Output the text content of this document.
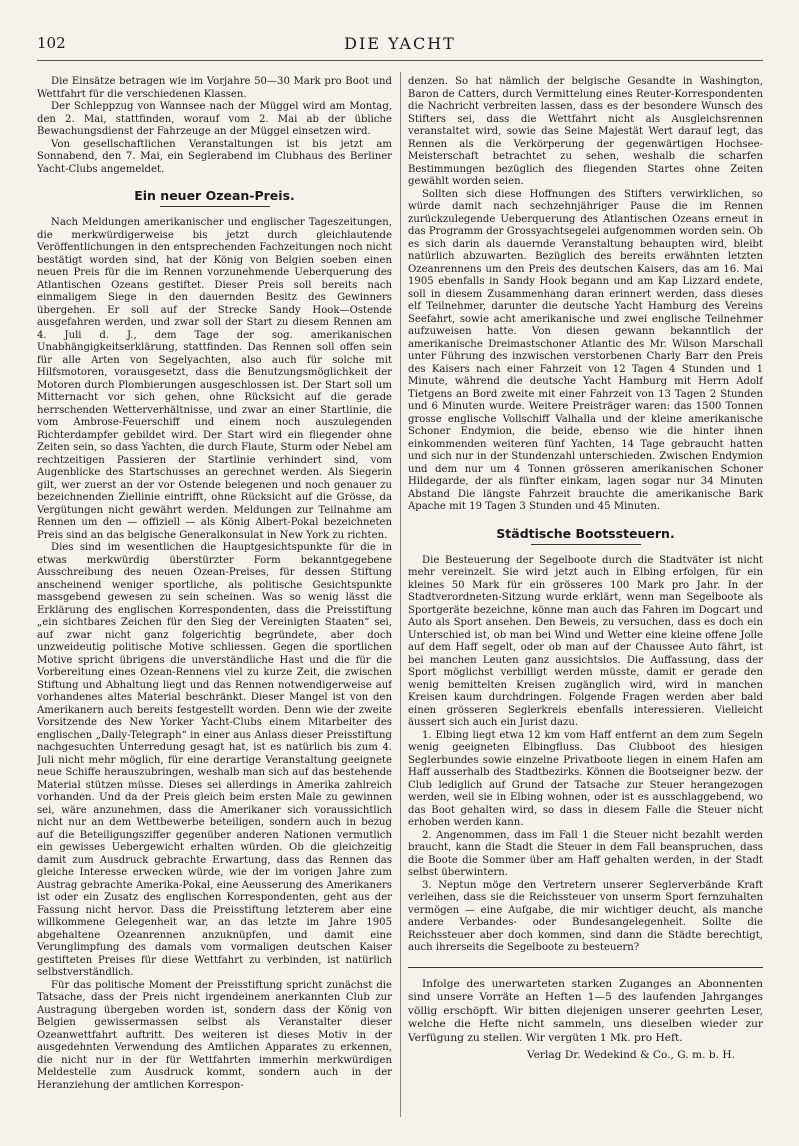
102	DIE YACHT

Die Einsätze betragen wie im Vorjahre 50—30 Mark pro Boot und Wettfahrt für die verschiedenen Klassen.

Der Schleppzug von Wannsee nach der Müggel wird am Montag, den 2. Mai, stattfinden, worauf vom 2. Mai ab der übliche Bewachungsdienst der Fahrzeuge an der Müggel einsetzen wird.

Von gesellschaftlichen Veranstaltungen ist bis jetzt am Sonnabend, den 7. Mai, ein Seglerabend im Clubhaus des Berliner Yacht-Clubs angemeldet.

Ein neuer Ozean-Preis.

Nach Meldungen amerikanischer und englischer Tageszeitungen, die merkwürdigerweise bis jetzt durch gleichlautende Veröffentlichungen in den entsprechenden Fachzeitungen noch nicht bestätigt worden sind, hat der König von Belgien soeben einen neuen Preis für die im Rennen vorzunehmende Ueberquerung des Atlantischen Ozeans gestiftet. Dieser Preis soll bereits nach einmaligem Siege in den dauernden Besitz des Gewinners übergehen. Er soll auf der Strecke Sandy Hook—Ostende ausgefahren werden, und zwar soll der Start zu diesem Rennen am 4. Juli d. J., dem Tage der sog. amerikanischen Unabhängigkeitserklärung, stattfinden. Das Rennen soll offen sein für alle Arten von Segelyachten, also auch für solche mit Hilfsmotoren, vorausgesetzt, dass die Benutzungsmöglichkeit der Motoren durch Plombierungen ausgeschlossen ist. Der Start soll um Mitternacht vor sich gehen, ohne Rücksicht auf die gerade herrschenden Wetterverhältnisse, und zwar an einer Startlinie, die vom Ambrose-Feuerschiff und einem noch auszulegenden Richterdampfer gebildet wird. Der Start wird ein fliegender ohne Zeiten sein, so dass Yachten, die durch Flaute, Sturm oder Nebel am rechtzeitigen Passieren der Startlinie verhindert sind, vom Augenblicke des Startschusses an gerechnet werden. Als Siegerin gilt, wer zuerst an der vor Ostende belegenen und noch genauer zu bezeichnenden Ziellinie eintrifft, ohne Rücksicht auf die Grösse, da Vergütungen nicht gewährt werden. Meldungen zur Teilnahme am Rennen um den — offiziell — als König Albert-Pokal bezeichneten Preis sind an das belgische Generalkonsulat in New York zu richten.

Dies sind im wesentlichen die Hauptgesichtspunkte für die in etwas merkwürdig überstürzter Form bekanntgegebene Ausschreibung des neuen Ozean-Preises, für dessen Stiftung anscheinend weniger sportliche, als politische Gesichtspunkte massgebend gewesen zu sein scheinen. Was so wenig lässt die Erklärung des englischen Korrespondenten, dass die Preisstiftung „ein sichtbares Zeichen für den Sieg der Vereinigten Staaten“ sei, auf zwar nicht ganz folgerichtig begründete, aber doch unzweideutig politische Motive schliessen. Gegen die sportlichen Motive spricht übrigens die unverständliche Hast und die für die Vorbereitung eines Ozean-Rennens viel zu kurze Zeit, die zwischen Stiftung und Abhaltung liegt und das Rennen notwendigerweise auf vorhandenes altes Material beschränkt. Dieser Mangel ist von den Amerikanern auch bereits festgestellt worden. Denn wie der zweite Vorsitzende des New Yorker Yacht-Clubs einem Mitarbeiter des englischen „Daily-Telegraph“ in einer aus Anlass dieser Preisstiftung nachgesuchten Unterredung gesagt hat, ist es natürlich bis zum 4. Juli nicht mehr möglich, für eine derartige Veranstaltung geeignete neue Schiffe herauszubringen, weshalb man sich auf das bestehende Material stützen müsse. Dieses sei allerdings in Amerika zahlreich vorhanden. Und da der Preis gleich beim ersten Male zu gewinnen sei, wäre anzunehmen, dass die Amerikaner sich voraussichtlich nicht nur an dem Wettbewerbe beteiligen, sondern auch in bezug auf die Beteiligungsziffer gegenüber anderen Nationen vermutlich ein gewisses Uebergewicht erhalten würden. Ob die gleichzeitig damit zum Ausdruck gebrachte Erwartung, dass das Rennen das gleiche Interesse erwecken würde, wie der im vorigen Jahre zum Austrag gebrachte Amerika-Pokal, eine Aeusserung des Amerikaners ist oder ein Zusatz des englischen Korrespondenten, geht aus der Fassung nicht hervor. Dass die Preisstiftung letzterem aber eine willkommene Gelegenheit war, an das letzte im Jahre 1905 abgehaltene Ozeanrennen anzuknüpfen, und damit eine Verunglimpfung des damals vom vormaligen deutschen Kaiser gestifteten Preises für diese Wettfahrt zu verbinden, ist natürlich selbstverständlich.

Für das politische Moment der Preisstiftung spricht zunächst die Tatsache, dass der Preis nicht irgendeinem anerkannten Club zur Austragung übergeben worden ist, sondern dass der König von Belgien gewissermassen selbst als Veranstalter dieser Ozeanwettfahrt auftritt. Des weiteren ist dieses Motiv in der ausgedehnten Verwendung des Amtlichen Apparates zu erkennen, die nicht nur in der für Wettfahrten immerhin merkwürdigen Meldestelle zum Ausdruck kommt, sondern auch in der Heranziehung der amtlichen Korrespon-

denzen. So hat nämlich der belgische Gesandte in Washington, Baron de Catters, durch Vermittelung eines Reuter-Korrespondenten die Nachricht verbreiten lassen, dass es der besondere Wunsch des Stifters sei, dass die Wettfahrt nicht als Ausgleichsrennen veranstaltet wird, sowie das Seine Majestät Wert darauf legt, das Rennen als die Verkörperung der gegenwärtigen Hochsee-Meisterschaft betrachtet zu sehen, weshalb die scharfen Bestimmungen bezüglich des fliegenden Startes ohne Zeiten gewählt worden seien.

Sollten sich diese Hoffnungen des Stifters verwirklichen, so würde damit nach sechzehnjähriger Pause die im Rennen zurückzulegende Ueberquerung des Atlantischen Ozeans erneut in das Programm der Grossyachtsegelei aufgenommen worden sein. Ob es sich darin als dauernde Veranstaltung behaupten wird, bleibt natürlich abzuwarten. Bezüglich des bereits erwähnten letzten Ozeanrennens um den Preis des deutschen Kaisers, das am 16. Mai 1905 ebenfalls in Sandy Hook begann und am Kap Lizzard endete, soll in diesem Zusammenhang daran erinnert werden, dass dieses elf Teilnehmer, darunter die deutsche Yacht Hamburg des Vereins Seefahrt, sowie acht amerikanische und zwei englische Teilnehmer aufzuweisen hatte. Von diesen gewann bekanntlich der amerikanische Dreimastschoner Atlantic des Mr. Wilson Marschall unter Führung des inzwischen verstorbenen Charly Barr den Preis des Kaisers nach einer Fahrzeit von 12 Tagen 4 Stunden und 1 Minute, während die deutsche Yacht Hamburg mit Herrn Adolf Tietgens an Bord zweite mit einer Fahrzeit von 13 Tagen 2 Stunden und 6 Minuten wurde. Weitere Preisträger waren: das 1500 Tonnen grosse englische Vollschiff Valhalla und der kleine amerikanische Schoner Endymion, die beide, ebenso wie die hinter ihnen einkommenden weiteren fünf Yachten, 14 Tage gebraucht hatten und sich nur in der Stundenzahl unterschieden. Zwischen Endymion und dem nur um 4 Tonnen grösseren amerikanischen Schoner Hildegarde, der als fünfter einkam, lagen sogar nur 34 Minuten Abstand Die längste Fahrzeit brauchte die amerikanische Bark Apache mit 19 Tagen 3 Stunden und 45 Minuten.

Städtische Bootssteuern.

Die Besteuerung der Segelboote durch die Stadtväter ist nicht mehr vereinzelt. Sie wird jetzt auch in Elbing erfolgen, für ein kleines 50 Mark für ein grösseres 100 Mark pro Jahr. In der Stadtverordneten-Sitzung wurde erklärt, wenn man Segelboote als Sportgeräte bezeichne, könne man auch das Fahren im Dogcart und Auto als Sport ansehen. Den Beweis, zu versuchen, dass es doch ein Unterschied ist, ob man bei Wind und Wetter eine kleine offene Jolle auf dem Haff segelt, oder ob man auf der Chaussee Auto fährt, ist bei manchen Leuten ganz aussichtslos. Die Auffassung, dass der Sport möglichst verbilligt werden müsste, damit er gerade den wenig bemittelten Kreisen zugänglich wird, wird in manchen Kreisen kaum durchdringen. Folgende Fragen werden aber bald einen grösseren Seglerkreis ebenfalls interessieren. Vielleicht äussert sich auch ein Jurist dazu.

1. Elbing liegt etwa 12 km vom Haff entfernt an dem zum Segeln wenig geeigneten Elbingfluss. Das Clubboot des hiesigen Seglerbundes sowie einzelne Privatboote liegen in einem Hafen am Haff ausserhalb des Stadtbezirks. Können die Bootseigner bezw. der Club lediglich auf Grund der Tatsache zur Steuer herangezogen werden, weil sie in Elbing wohnen, oder ist es ausschlaggebend, wo das Boot gehalten wird, so dass in diesem Falle die Steuer nicht erhoben werden kann.

2. Angenommen, dass im Fall 1 die Steuer nicht bezahlt werden braucht, kann die Stadt die Steuer in dem Fall beanspruchen, dass die Boote die Sommer über am Haff gehalten werden, in der Stadt selbst überwintern.

3. Neptun möge den Vertretern unserer Seglerverbände Kraft verleihen, dass sie die Reichssteuer von unserm Sport fernzuhalten vermögen — eine Aufgabe, die mir wichtiger deucht, als manche andere Verbandes- oder Bundesangelegenheit. Sollte die Reichssteuer aber doch kommen, sind dann die Städte berechtigt, auch ihrerseits die Segelboote zu besteuern?

Infolge des unerwarteten starken Zuganges an Abonnenten sind unsere Vorräte an Heften 1—5 des laufenden Jahrganges völlig erschöpft. Wir bitten diejenigen unserer geehrten Leser, welche die Hefte nicht sammeln, uns dieselben wieder zur Verfügung zu stellen. Wir vergüten 1 Mk. pro Heft.

Verlag Dr. Wedekind & Co., G. m. b. H.
